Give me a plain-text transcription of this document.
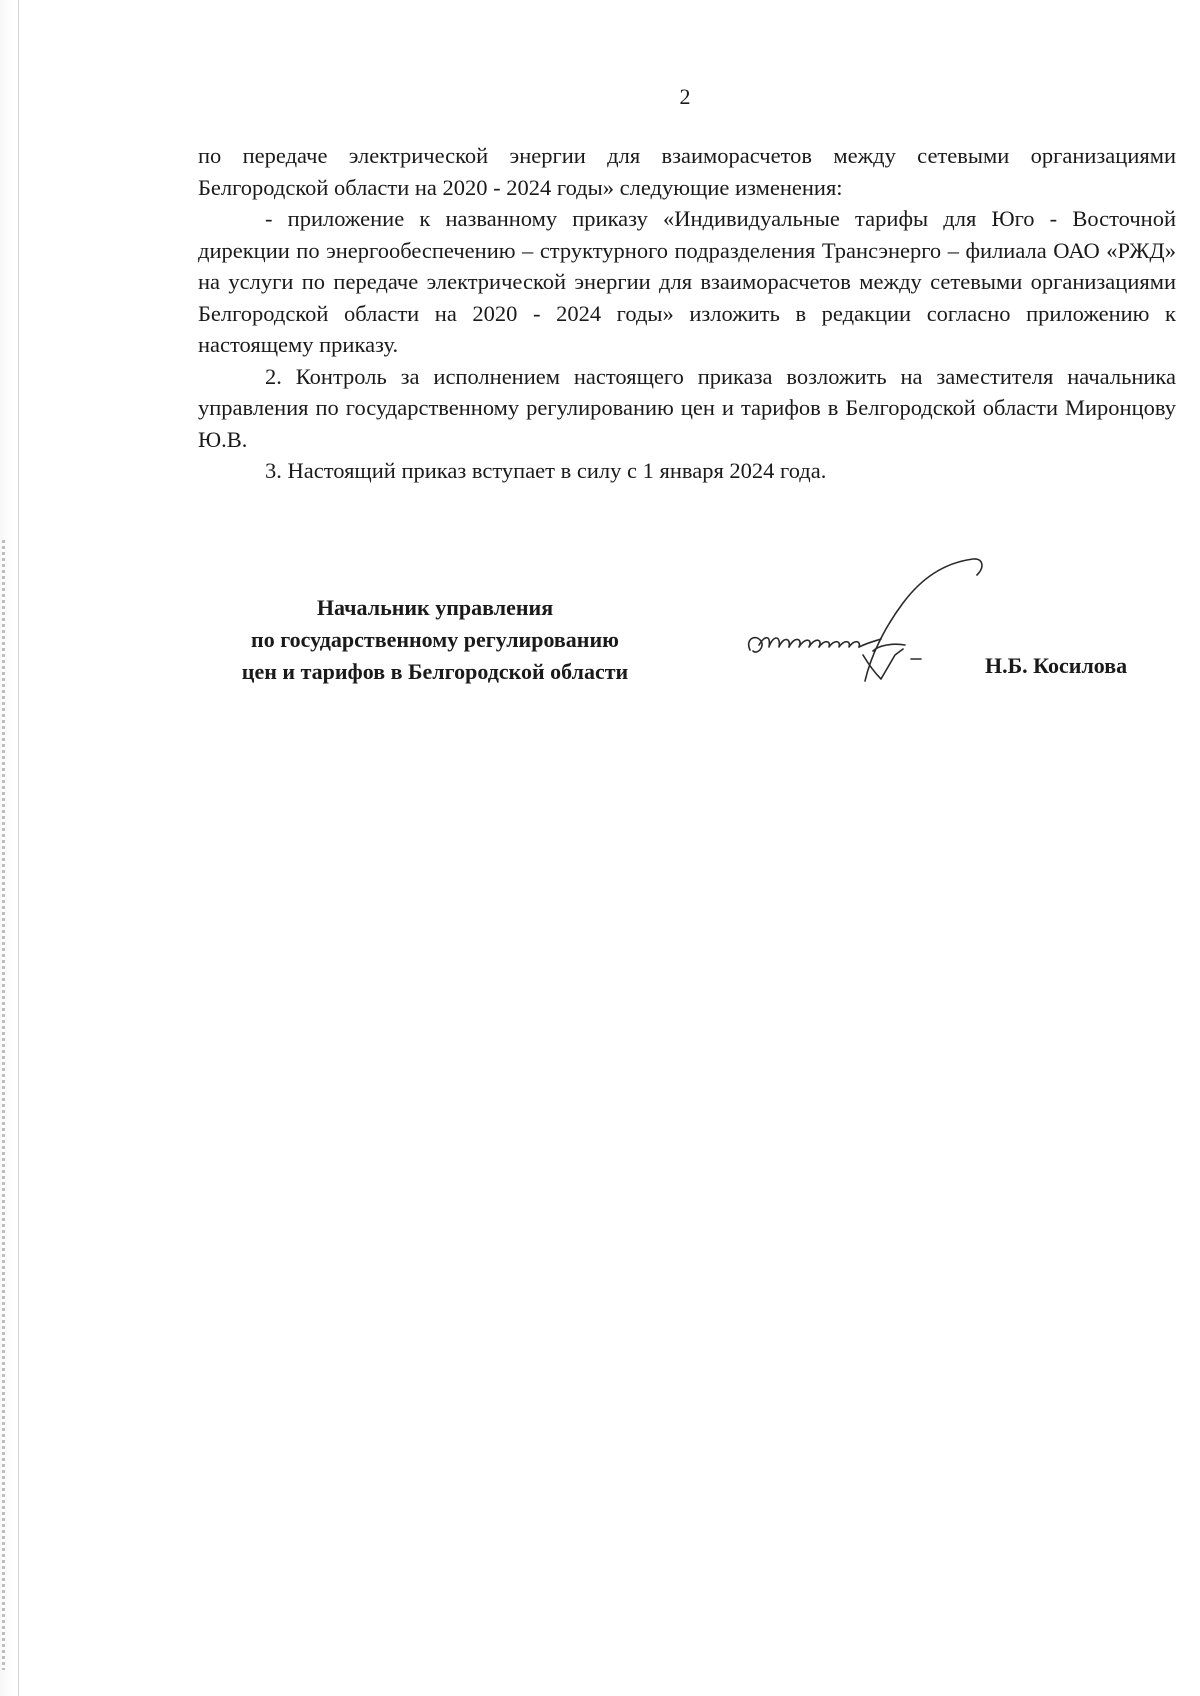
2

по передаче электрической энергии для взаиморасчетов между сетевыми организациями Белгородской области на 2020 - 2024 годы» следующие изменения:

- приложение к названному приказу «Индивидуальные тарифы для Юго - Восточной дирекции по энергообеспечению – структурного подразделения Трансэнерго – филиала ОАО «РЖД» на услуги по передаче электрической энергии для взаиморасчетов между сетевыми организациями Белгородской области на 2020 - 2024 годы» изложить в редакции согласно приложению к настоящему приказу.

2. Контроль за исполнением настоящего приказа возложить на заместителя начальника управления по государственному регулированию цен и тарифов в Белгородской области Миронцову Ю.В.

3. Настоящий приказ вступает в силу с 1 января 2024 года.

Начальник управления
по государственному регулированию
цен и тарифов в Белгородской области	Н.Б. Косилова
